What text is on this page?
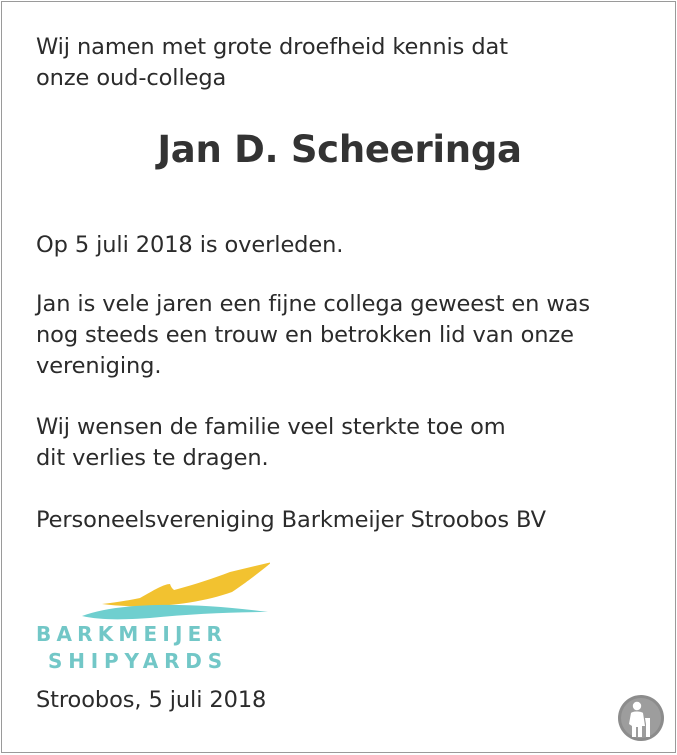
Wij namen met grote droefheid kennis dat
onze oud-collega
Jan D. Scheeringa

Op 5 juli 2018 is overleden.

Jan is vele jaren een fijne collega geweest en was
nog steeds een trouw en betrokken lid van onze
vereniging.
Wij wensen de familie veel sterkte toe om
dit verlies te dragen.

Personeelsvereniging Barkmeijer Stroobos BV

BARKMEIJER
SHIPYARDS

Stroobos, 5 juli 2018
